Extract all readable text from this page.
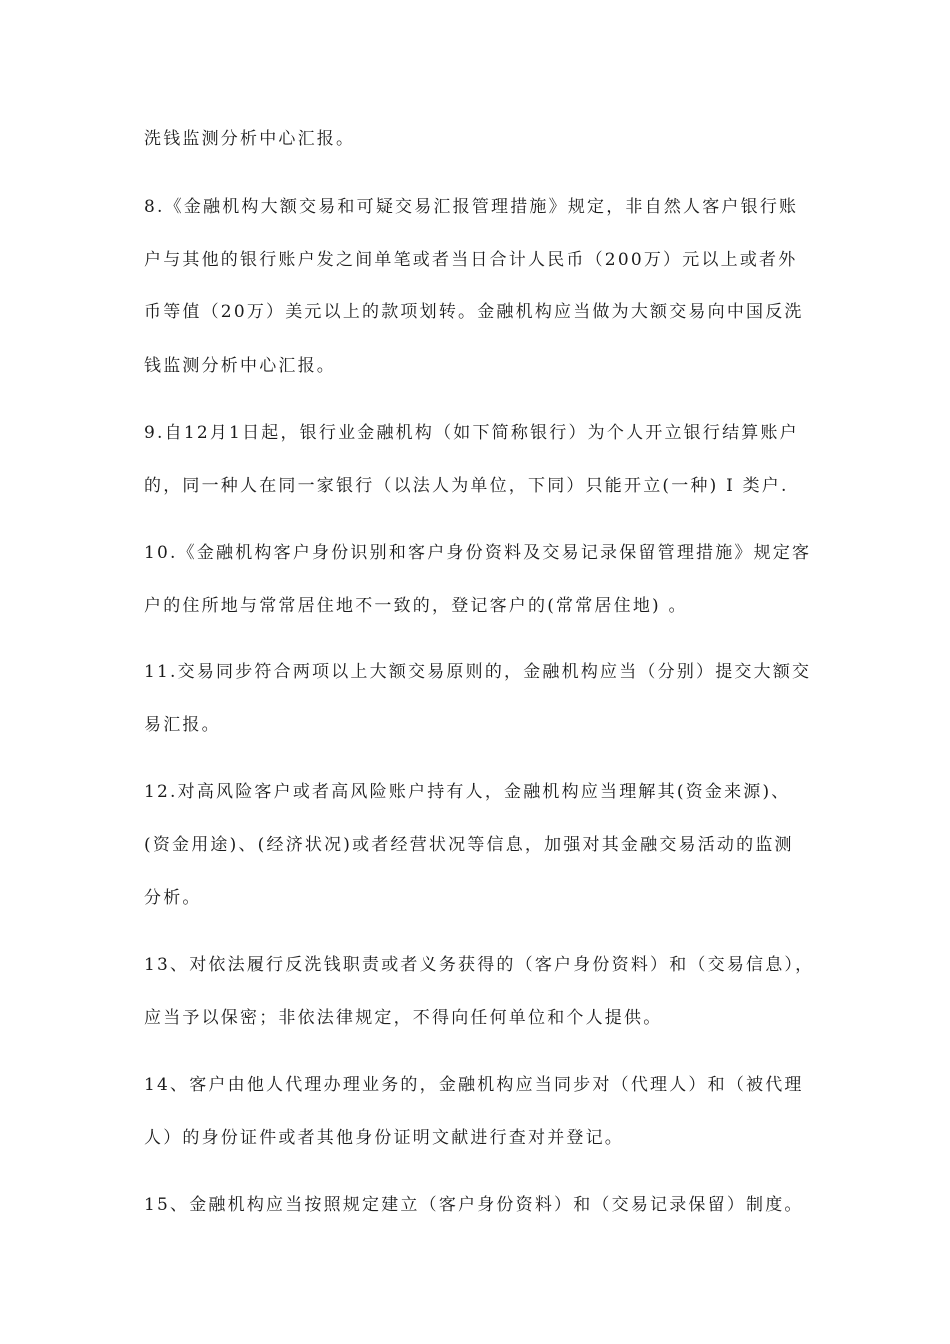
洗钱监测分析中心汇报。
8.《金融机构大额交易和可疑交易汇报管理措施》规定，非自然人客户银行账
户与其他的银行账户发之间单笔或者当日合计人民币（200万）元以上或者外
币等值（20万）美元以上的款项划转。金融机构应当做为大额交易向中国反洗
钱监测分析中心汇报。
9.自12月1日起，银行业金融机构（如下简称银行）为个人开立银行结算账户
的，同一种人在同一家银行（以法人为单位，下同）只能开立(一种) I 类户.
10.《金融机构客户身份识别和客户身份资料及交易记录保留管理措施》规定客
户的住所地与常常居住地不一致的，登记客户的(常常居住地) 。
11.交易同步符合两项以上大额交易原则的，金融机构应当（分别）提交大额交
易汇报。
12.对高风险客户或者高风险账户持有人，金融机构应当理解其(资金来源)、
(资金用途)、(经济状况)或者经营状况等信息，加强对其金融交易活动的监测
分析。
13、对依法履行反洗钱职责或者义务获得的（客户身份资料）和（交易信息），
应当予以保密；非依法律规定，不得向任何单位和个人提供。
14、客户由他人代理办理业务的，金融机构应当同步对（代理人）和（被代理
人）的身份证件或者其他身份证明文献进行查对并登记。
15、金融机构应当按照规定建立（客户身份资料）和（交易记录保留）制度。
